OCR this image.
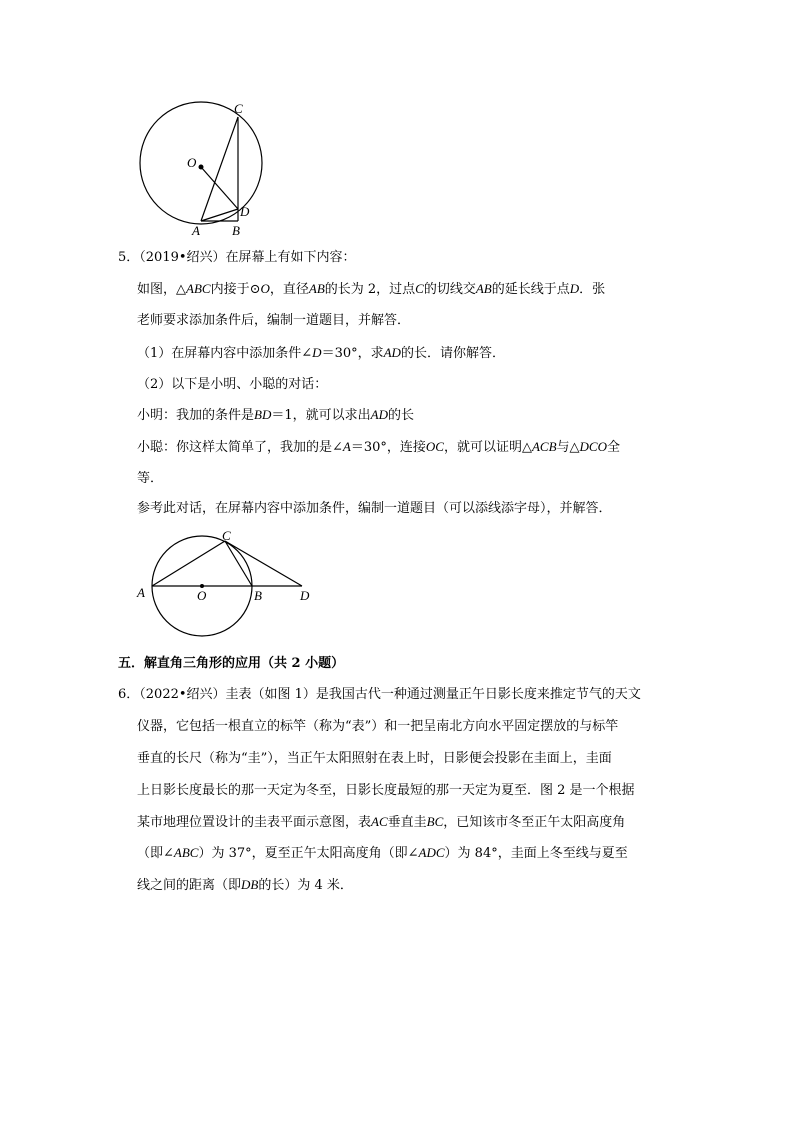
C
O
D
A B
5．（2019•绍兴）在屏幕上有如下内容：
如图，△ABC内接于⊙O，直径AB的长为 2，过点C的切线交AB的延长线于点D．张
老师要求添加条件后，编制一道题目，并解答．
（1）在屏幕内容中添加条件∠D＝30°，求AD的长．请你解答．
（2）以下是小明、小聪的对话：
小明：我加的条件是BD＝1，就可以求出AD的长
小聪：你这样太简单了，我加的是∠A＝30°，连接OC，就可以证明△ACB与△DCO全
等．
参考此对话，在屏幕内容中添加条件，编制一道题目（可以添线添字母），并解答．
C
A	O	B	D
五．解直角三角形的应用（共 2 小题）
6．（2022•绍兴）圭表（如图 1）是我国古代一种通过测量正午日影长度来推定节气的天文
仪器，它包括一根直立的标竿（称为“表”）和一把呈南北方向水平固定摆放的与标竿
垂直的长尺（称为“圭”），当正午太阳照射在表上时，日影便会投影在圭面上，圭面
上日影长度最长的那一天定为冬至，日影长度最短的那一天定为夏至．图 2 是一个根据
某市地理位置设计的圭表平面示意图，表AC垂直圭BC，已知该市冬至正午太阳高度角
（即∠ABC）为 37°，夏至正午太阳高度角（即∠ADC）为 84°，圭面上冬至线与夏至
线之间的距离（即DB的长）为 4 米．
